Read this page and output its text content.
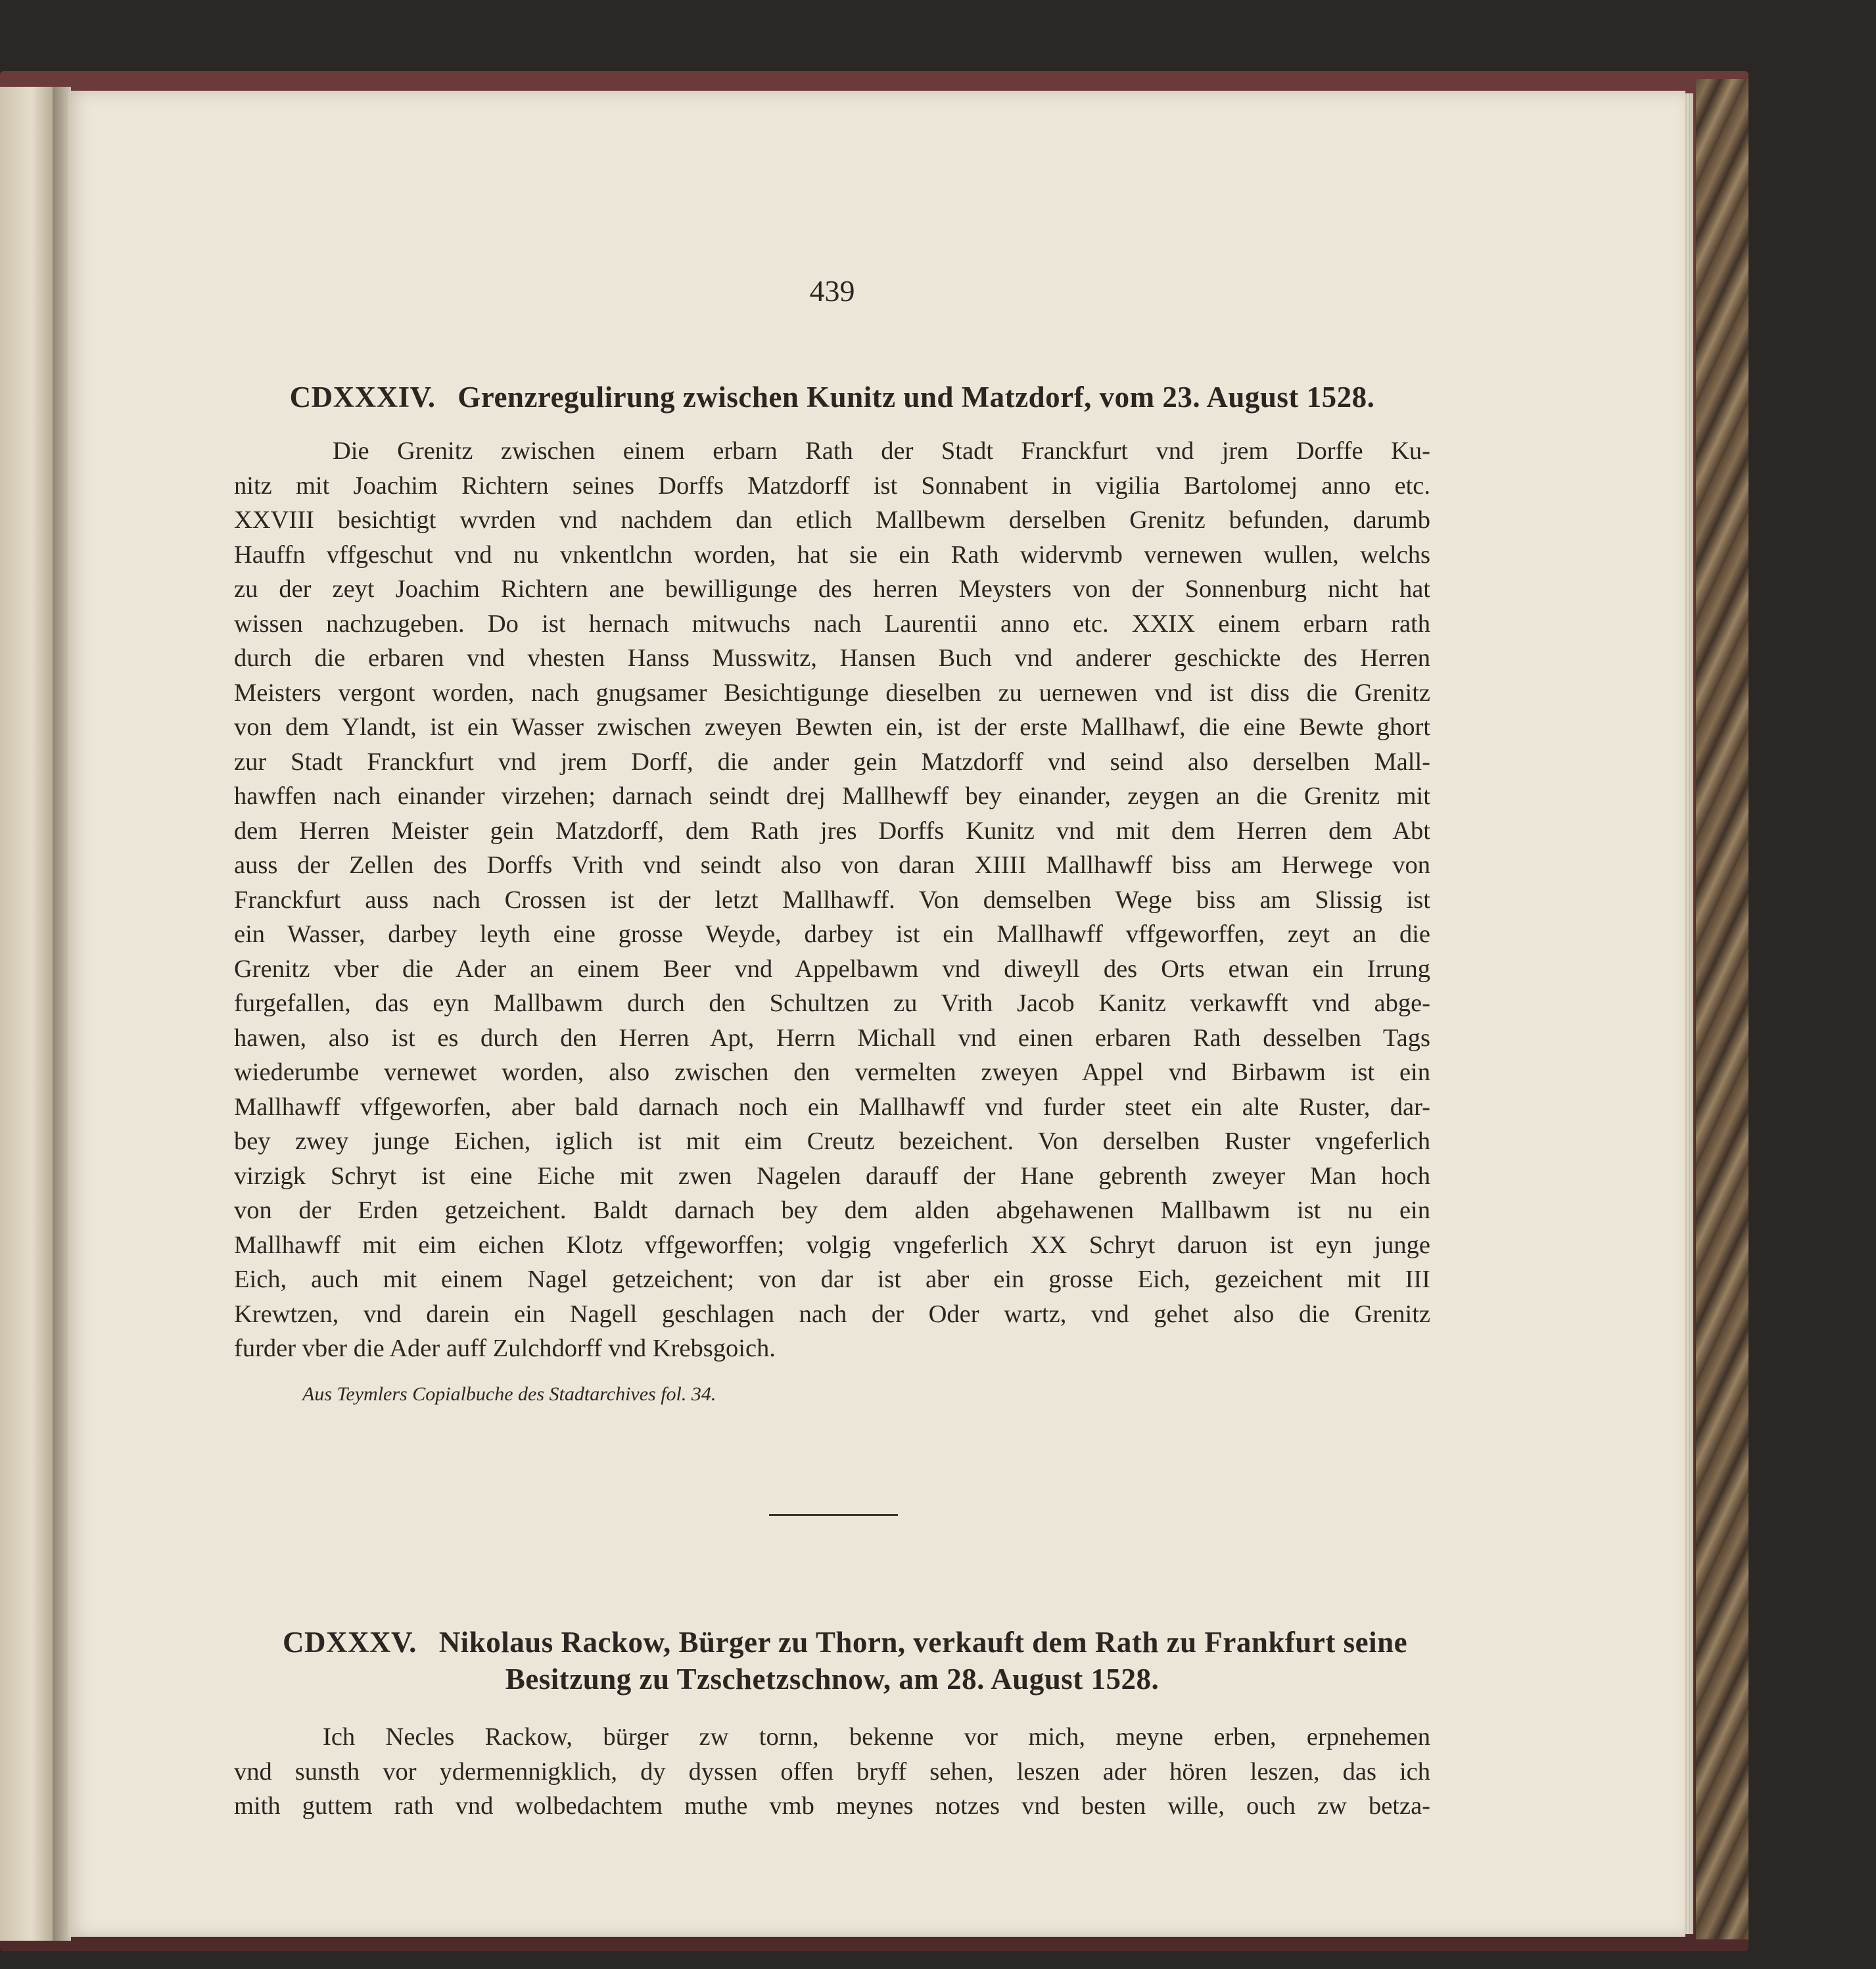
439
CDXXXIV. Grenzregulirung zwischen Kunitz und Matzdorf, vom 23. August 1528.
Die Grenitz zwischen einem erbarn Rath der Stadt Franckfurt vnd jrem Dorffe Ku-
nitz mit Joachim Richtern seines Dorffs Matzdorff ist Sonnabent in vigilia Bartolomej anno etc.
XXVIII besichtigt wvrden vnd nachdem dan etlich Mallbewm derselben Grenitz befunden, darumb
Hauffn vffgeschut vnd nu vnkentlchn worden, hat sie ein Rath widervmb vernewen wullen, welchs
zu der zeyt Joachim Richtern ane bewilligunge des herren Meysters von der Sonnenburg nicht hat
wissen nachzugeben. Do ist hernach mitwuchs nach Laurentii anno etc. XXIX einem erbarn rath
durch die erbaren vnd vhesten Hanss Musswitz, Hansen Buch vnd anderer geschickte des Herren
Meisters vergont worden, nach gnugsamer Besichtigunge dieselben zu uernewen vnd ist diss die Grenitz
von dem Ylandt, ist ein Wasser zwischen zweyen Bewten ein, ist der erste Mallhawf, die eine Bewte ghort
zur Stadt Franckfurt vnd jrem Dorff, die ander gein Matzdorff vnd seind also derselben Mall-
hawffen nach einander virzehen; darnach seindt drej Mallhewff bey einander, zeygen an die Grenitz mit
dem Herren Meister gein Matzdorff, dem Rath jres Dorffs Kunitz vnd mit dem Herren dem Abt
auss der Zellen des Dorffs Vrith vnd seindt also von daran XIIII Mallhawff biss am Herwege von
Franckfurt auss nach Crossen ist der letzt Mallhawff. Von demselben Wege biss am Slissig ist
ein Wasser, darbey leyth eine grosse Weyde, darbey ist ein Mallhawff vffgeworffen, zeyt an die
Grenitz vber die Ader an einem Beer vnd Appelbawm vnd diweyll des Orts etwan ein Irrung
furgefallen, das eyn Mallbawm durch den Schultzen zu Vrith Jacob Kanitz verkawfft vnd abge-
hawen, also ist es durch den Herren Apt, Herrn Michall vnd einen erbaren Rath desselben Tags
wiederumbe vernewet worden, also zwischen den vermelten zweyen Appel vnd Birbawm ist ein
Mallhawff vffgeworfen, aber bald darnach noch ein Mallhawff vnd furder steet ein alte Ruster, dar-
bey zwey junge Eichen, iglich ist mit eim Creutz bezeichent. Von derselben Ruster vngeferlich
virzigk Schryt ist eine Eiche mit zwen Nagelen darauff der Hane gebrenth zweyer Man hoch
von der Erden getzeichent. Baldt darnach bey dem alden abgehawenen Mallbawm ist nu ein
Mallhawff mit eim eichen Klotz vffgeworffen; volgig vngeferlich XX Schryt daruon ist eyn junge
Eich, auch mit einem Nagel getzeichent; von dar ist aber ein grosse Eich, gezeichent mit III
Krewtzen, vnd darein ein Nagell geschlagen nach der Oder wartz, vnd gehet also die Grenitz
furder vber die Ader auff Zulchdorff vnd Krebsgoich.
Aus Teymlers Copialbuche des Stadtarchives fol. 34.
CDXXXV. Nikolaus Rackow, Bürger zu Thorn, verkauft dem Rath zu Frankfurt seine
Besitzung zu Tzschetzschnow, am 28. August 1528.
Ich Necles Rackow, bürger zw tornn, bekenne vor mich, meyne erben, erpnehemen
vnd sunsth vor ydermennigklich, dy dyssen offen bryff sehen, leszen ader hören leszen, das ich
mith guttem rath vnd wolbedachtem muthe vmb meynes notzes vnd besten wille, ouch zw betza-
